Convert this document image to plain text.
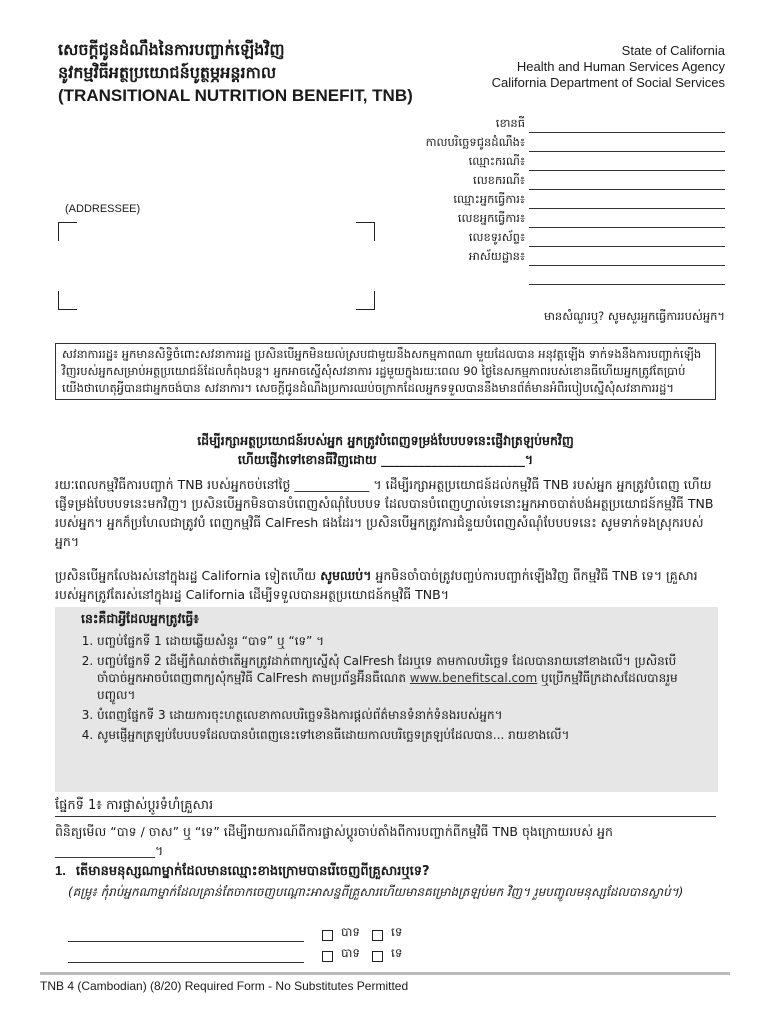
សេចក្ដីជូនដំណឹងនៃការបញ្ចាក់ឡើងវិញ
នូវកម្មវិធីអត្ថប្រយោជន៍បូត្ថម្ភអន្តរកាល
(TRANSITIONAL NUTRITION BENEFIT, TNB)
State of California
Health and Human Services Agency
California Department of Social Services
ខោនធី
កាលបរិច្ឆេទជូនដំណឹង៖
ឈ្មោះករណី៖
លេខករណី៖
ឈ្មោះអ្នកធ្វើការ៖
លេខអ្នកធ្វើការ៖
លេខទូរស័ព្ទ៖
អាស័យដ្ឋាន៖
(ADDRESSEE)
មានសំណួរឬ? សូមសួរអ្នកធ្វើការរបស់អ្នក។
សវនាការរដ្ឋ៖ អ្នកមានសិទ្ធិចំពោះសវនាការរដ្ឋ ប្រសិនបើអ្នកមិនយល់ស្របជាមួយនឹងសកម្មភាពណា មួយដែលបាន អនុវត្តឡើង ទាក់ទងនឹងការបញ្ចាក់ឡើងវិញរបស់អ្នកសម្រាប់អត្ថប្រយោជន៍ដែលកំពុងបន្ត។ អ្នកអាចស្នើសុំសវនាការ រដ្ឋមួយក្នុងរយៈពេល 90 ថ្ងៃនៃសកម្មភាពរបស់ខោនធីហើយអ្នកត្រូវតែប្រាប់យើងថាហេតុអ្វីបានជាអ្នកចង់បាន សវនាការ។ សេចក្ដីជូនដំណឹងប្រការឈប់ចក្រាកដែលអ្នកទទួលបាននឹងមានព័ត៌មានអំពីរបៀបស្នើសុំសវនាការរដ្ឋ។
ដើម្បីរក្សាអត្ថប្រយោជន៍របស់អ្នក អ្នកត្រូវបំពេញទម្រង់បែបបទនេះផ្ញើវាត្រឡប់មកវិញ
ហើយផ្ញើវាទៅខោនធីវិញដោយ _______________________។
រយៈពេលកម្មវិធីការបញ្ចាក់ TNB របស់អ្នកចប់នៅថ្ងៃ ____________ ។ ដើម្បីរក្សាអត្ថប្រយោជន៍ដល់កម្មវិធី TNB របស់អ្នក អ្នកត្រូវបំពេញ ហើយផ្ញើទម្រង់បែបបទនេះមកវិញ។ ប្រសិនបើអ្នកមិនបានបំពេញសំណុំបែបបទ ដែលបានបំពេញហ្វាល់ទេនោះអ្នកអាចបាត់បង់អត្ថប្រយោជន៍កម្មវិធី TNB របស់អ្នក។ អ្នកក៏ប្រហែលជាត្រូវបំ ពេញកម្មវិធី CalFresh ផងដែរ។ ប្រសិនបើអ្នកត្រូវការជំនួយបំពេញសំណុំបែបបទនេះ សូមទាក់ទងស្រុករបស់អ្នក។
ប្រសិនបើអ្នកលែងរស់នៅក្នុងរដ្ឋ California ទៀតហើយ សូមឈប់។ អ្នកមិនចាំបាច់ត្រូវបញ្ចប់ការបញ្ចាក់ឡើងវិញ ពីកម្មវិធី TNB ទេ។ គ្រួសាររបស់អ្នកត្រូវតែរស់នៅក្នុងរដ្ឋ California ដើម្បីទទួលបានអត្ថប្រយោជន៍កម្មវិធី TNB។
នេះគឺជាអ្វីដែលអ្នកត្រូវធ្វើ៖
1. បញ្ចប់ផ្នែកទី 1 ដោយឆ្លើយសំនួរ “បាទ” ឬ “ទេ” ។
2. បញ្ចប់ផ្នែកទី 2 ដើម្បីកំណត់ថាតើអ្នកត្រូវដាក់ពាក្យស្នើសុំ CalFresh ដែរឬទេ តាមកាលបរិច្ឆេទ ដែលបានរាយនៅខាងលើ។ ប្រសិនបើចាំបាច់អ្នកអាចបំពេញពាក្យសុំកម្មវិធី CalFresh តាមប្រព័ន្ធអ៊ីនធឺណេត www.benefitscal.com ឬប្រើកម្មវិធីក្រដាសដែលបានរួមបញ្ចូល។
3. បំពេញផ្នែកទី 3 ដោយការចុះហត្ថលេខាកាលបរិច្ឆេទនិងការផ្ដល់ព័ត៌មានទំនាក់ទំនងរបស់អ្នក។
4. សូមផ្ញើអ្នកត្រឡប់បែបបទដែលបានបំពេញនេះទៅខោនធីដោយកាលបរិច្ឆេទត្រឡប់ដែលបាន... រាយខាងលើ។
ផ្នែកទី 1៖ ការផ្លាស់ប្ដូរទំហំគ្រួសារ
ពិនិត្យមើល “បាទ / ចាស” ឬ “ទេ” ដើម្បីរាយការណ៍ពីការផ្លាស់ប្ដូរចាប់តាំងពីការបញ្ចាក់ពីកម្មវិធី TNB ចុងក្រោយរបស់ អ្នក ________________។
1. តើមានមនុស្សណាម្នាក់ដែលមានឈ្មោះខាងក្រោមបានរើចេញពីគ្រួសារឬទេ?
(គម្រូ៖ កុំរាប់អ្នកណាម្នាក់ដែលគ្រាន់តែចាកចេញបណ្ដោះអាសន្នពីគ្រួសារហើយមានគម្រោងត្រឡប់មក វិញ។ រួមបញ្ចូលមនុស្សដែលបានស្លាប់។)
បាទ	ទេ
បាទ	ទេ
TNB 4 (Cambodian) (8/20) Required Form - No Substitutes Permitted
